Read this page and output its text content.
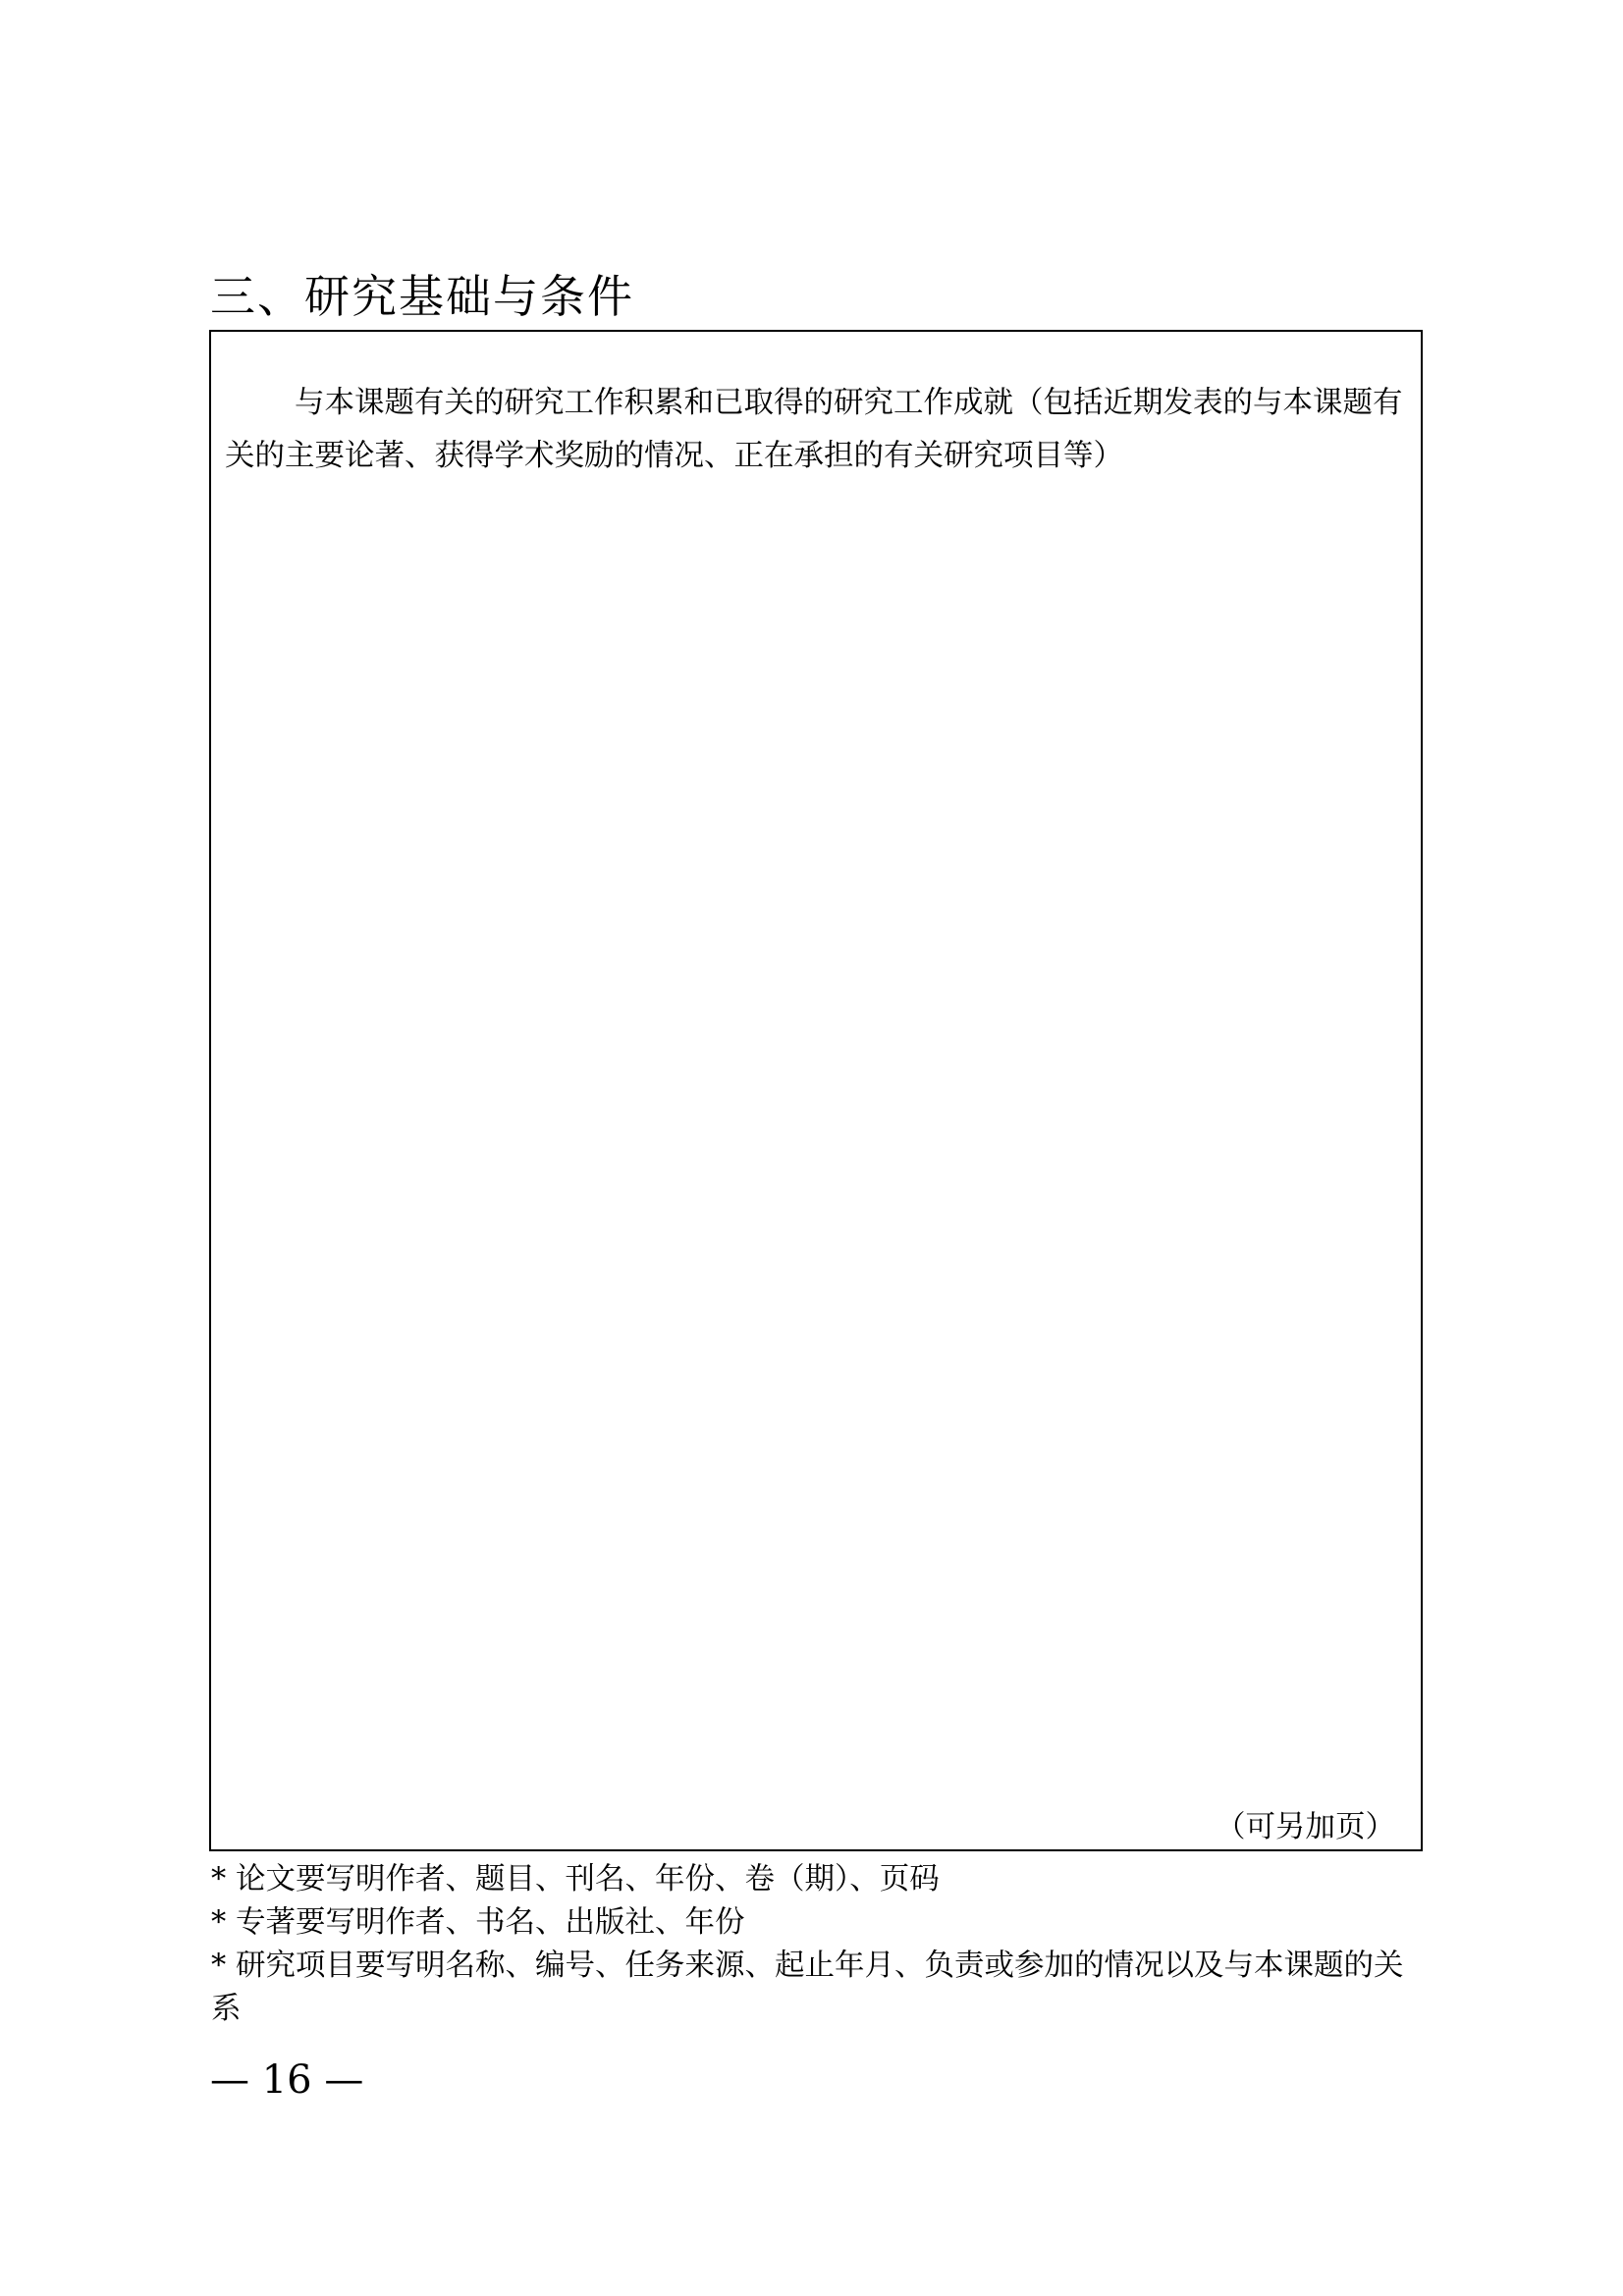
三、研究基础与条件

与本课题有关的研究工作积累和已取得的研究工作成就（包括近期发表的与本课题有关的主要论著、获得学术奖励的情况、正在承担的有关研究项目等）

（可另加页）

* 论文要写明作者、题目、刊名、年份、卷（期）、页码

* 专著要写明作者、书名、出版社、年份

* 研究项目要写明名称、编号、任务来源、起止年月、负责或参加的情况以及与本课题的关系

— 16 —
